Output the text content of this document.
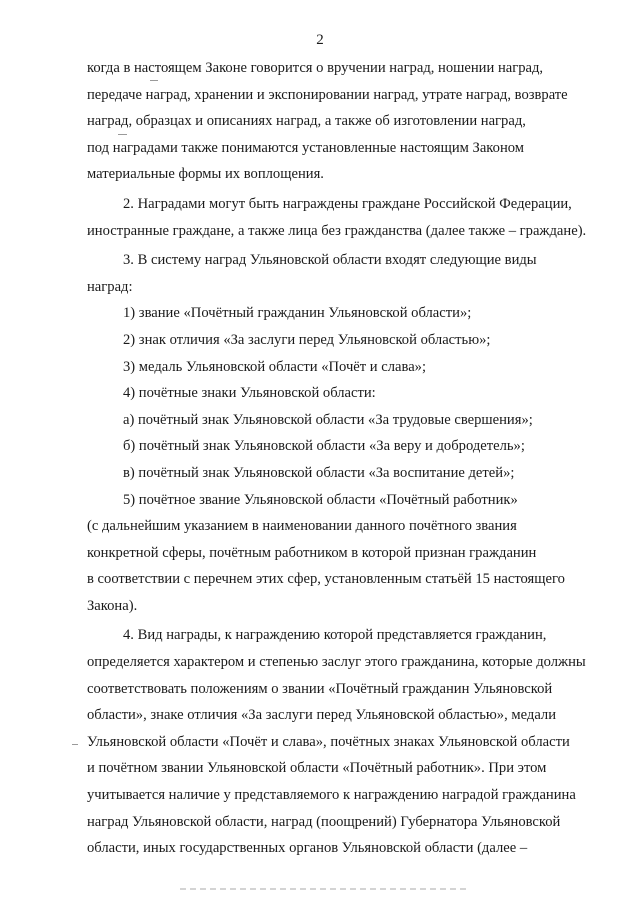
2

когда в настоящем Законе говорится о вручении наград, ношении наград,

передаче наград, хранении и экспонировании наград, утрате наград, возврате

наград, образцах и описаниях наград, а также об изготовлении наград,

под наградами также понимаются установленные настоящим Законом

материальные формы их воплощения.

2. Наградами могут быть награждены граждане Российской Федерации,

иностранные граждане, а также лица без гражданства (далее также – граждане).

3. В систему наград Ульяновской области входят следующие виды

наград:

1) звание «Почётный гражданин Ульяновской области»;

2) знак отличия «За заслуги перед Ульяновской областью»;

3) медаль Ульяновской области «Почёт и слава»;

4) почётные знаки Ульяновской области:

а) почётный знак Ульяновской области «За трудовые свершения»;

б) почётный знак Ульяновской области «За веру и добродетель»;

в) почётный знак Ульяновской области «За воспитание детей»;

5) почётное звание Ульяновской области «Почётный работник»

(с дальнейшим указанием в наименовании данного почётного звания

конкретной сферы, почётным работником в которой признан гражданин

в соответствии с перечнем этих сфер, установленным статьёй 15 настоящего

Закона).

4. Вид награды, к награждению которой представляется гражданин,

определяется характером и степенью заслуг этого гражданина, которые должны

соответствовать положениям о звании «Почётный гражданин Ульяновской

области», знаке отличия «За заслуги перед Ульяновской областью», медали

Ульяновской области «Почёт и слава», почётных знаках Ульяновской области

и почётном звании Ульяновской области «Почётный работник». При этом

учитывается наличие у представляемого к награждению наградой гражданина

наград Ульяновской области, наград (поощрений) Губернатора Ульяновской

области, иных государственных органов Ульяновской области (далее –
